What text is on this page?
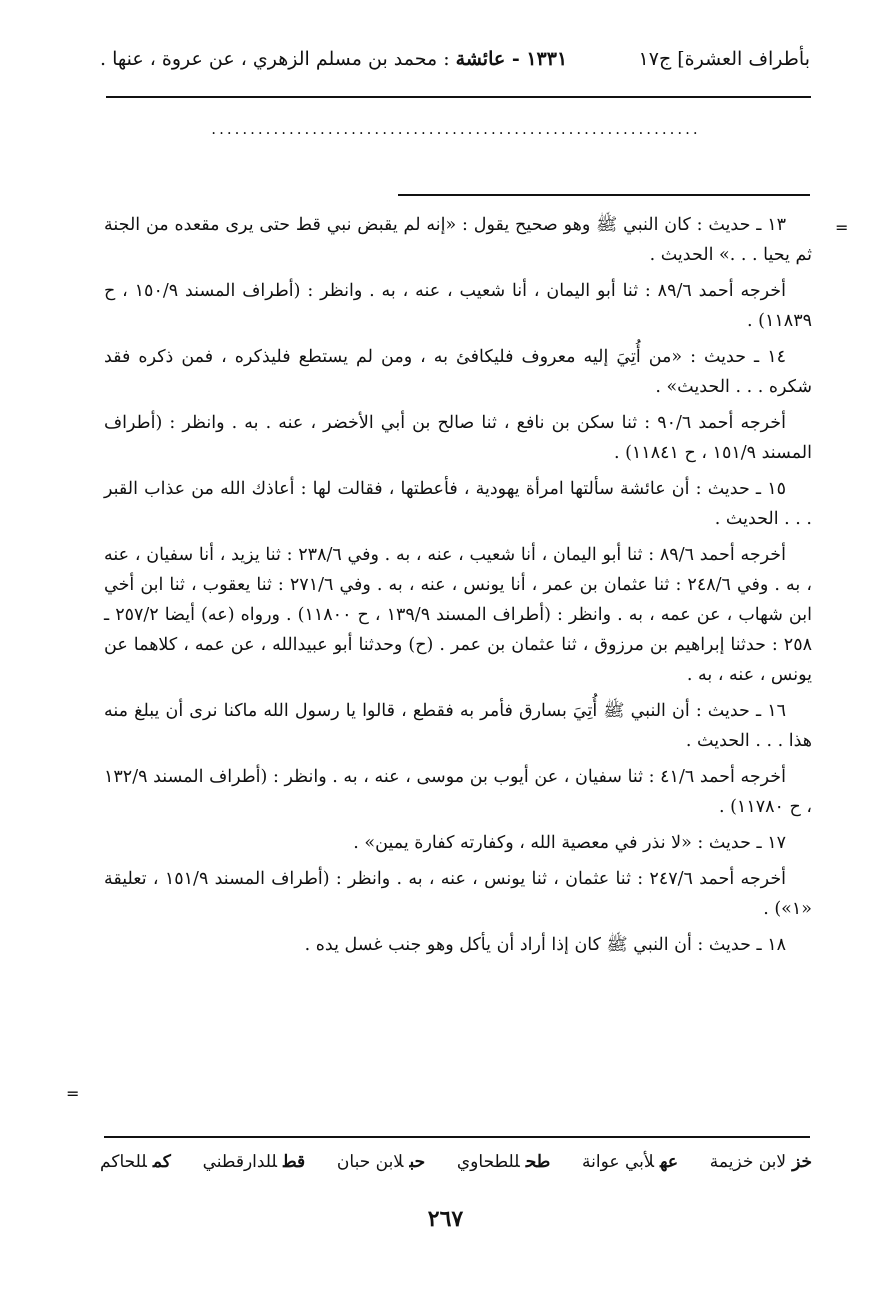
بأطراف العشرة] ج١٧
١٣٣١ - عائشة : محمد بن مسلم الزهري ، عن عروة ، عنها .
...............................................................
=
=

١٣ ـ حديث : كان النبي ﷺ وهو صحيح يقول : «إنه لم يقبض نبي قط حتى يرى مقعده من الجنة ثم يحيا . . .» الحديث .

أخرجه أحمد ٨٩/٦ : ثنا أبو اليمان ، أنا شعيب ، عنه ، به . وانظر : (أطراف المسند ١٥٠/٩ ، ح ١١٨٣٩) .

١٤ ـ حديث : «من أُتِيَ إليه معروف فليكافئ به ، ومن لم يستطع فليذكره ، فمن ذكره فقد شكره . . . الحديث» .

أخرجه أحمد ٩٠/٦ : ثنا سكن بن نافع ، ثنا صالح بن أبي الأخضر ، عنه . به . وانظر : (أطراف المسند ١٥١/٩ ، ح ١١٨٤١) .

١٥ ـ حديث : أن عائشة سألتها امرأة يهودية ، فأعطتها ، فقالت لها : أعاذك الله من عذاب القبر . . . الحديث .

أخرجه أحمد ٨٩/٦ : ثنا أبو اليمان ، أنا شعيب ، عنه ، به . وفي ٢٣٨/٦ : ثنا يزيد ، أنا سفيان ، عنه ، به . وفي ٢٤٨/٦ : ثنا عثمان بن عمر ، أنا يونس ، عنه ، به . وفي ٢٧١/٦ : ثنا يعقوب ، ثنا ابن أخي ابن شهاب ، عن عمه ، به . وانظر : (أطراف المسند ١٣٩/٩ ، ح ١١٨٠٠) . ورواه (عه) أيضا ٢٥٧/٢ ـ ٢٥٨ : حدثنا إبراهيم بن مرزوق ، ثنا عثمان بن عمر . (ح) وحدثنا أبو عبيدالله ، عن عمه ، كلاهما عن يونس ، عنه ، به .

١٦ ـ حديث : أن النبي ﷺ أُتِيَ بسارق فأمر به فقطع ، قالوا يا رسول الله ماكنا نرى أن يبلغ منه هذا . . . الحديث .

أخرجه أحمد ٤١/٦ : ثنا سفيان ، عن أيوب بن موسى ، عنه ، به . وانظر : (أطراف المسند ١٣٢/٩ ، ح ١١٧٨٠) .

١٧ ـ حديث : «لا نذر في معصية الله ، وكفارته كفارة يمين» .

أخرجه أحمد ٢٤٧/٦ : ثنا عثمان ، ثنا يونس ، عنه ، به . وانظر : (أطراف المسند ١٥١/٩ ، تعليقة «١») .

١٨ ـ حديث : أن النبي ﷺ كان إذا أراد أن يأكل وهو جنب غسل يده .

خزلابن خزيمة
عهلأبي عوانة
طحللطحاوي
حبلابن حبان
قطللدارقطني
كمللحاكم
٢٦٧
